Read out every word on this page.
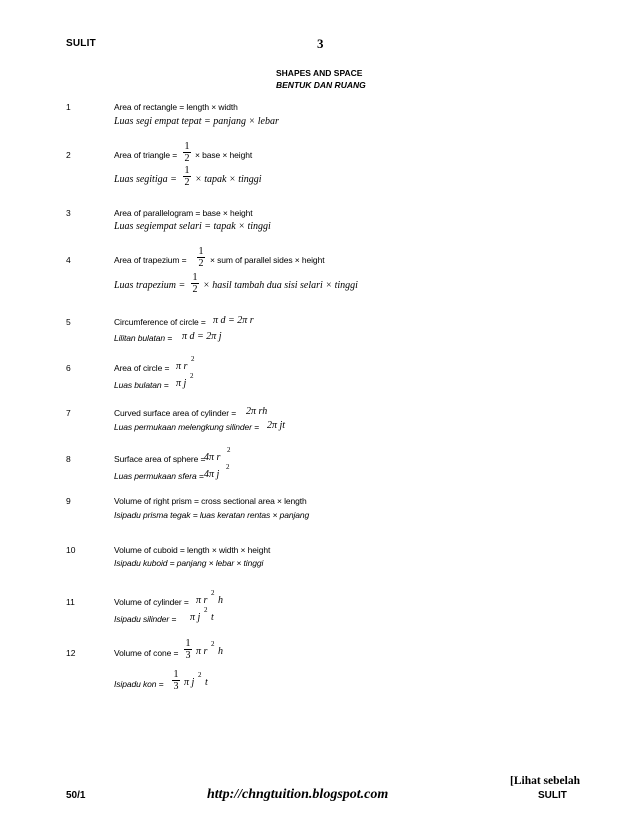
SULIT	3
SHAPES AND SPACE
BENTUK DAN RUANG
1	Area of rectangle = length × width
Luas segi empat tepat = panjang × lebar
2	Area of triangle =
1
2 × base × height
Luas segitiga =
1
2 × tapak × tinggi
3	Area of parallelogram = base × height
Luas segiempat selari = tapak × tinggi
4	Area of trapezium =
1
2 × sum of parallel sides × height
Luas trapezium =
1
2 × hasil tambah dua sisi selari × tinggi
5	Circumference of circle = π d = 2π r
Lilitan bulatan = π d = 2π j
6	Area of circle = π r
2
Luas bulatan = π j
2
7	Curved surface area of cylinder = 2π rh
Luas permukaan melengkung silinder = 2π jt
8	Surface area of sphere =
4π r
2
Luas permukaan sfera = 4π j
2
9	Volume of right prism = cross sectional area × length
Isipadu prisma tegak = luas keratan rentas × panjang
10	Volume of cuboid = length × width × height
Isipadu kuboid = panjang × lebar × tinggi
11	Volume of cylinder = π r
2
h
Isipadu silinder = π j
2
t
12	Volume of cone =
1
3 π r
2
h
Isipadu kon =
1
3 π j
2
t
[Lihat sebelah
50/1	http://chngtuition.blogspot.com	SULIT
